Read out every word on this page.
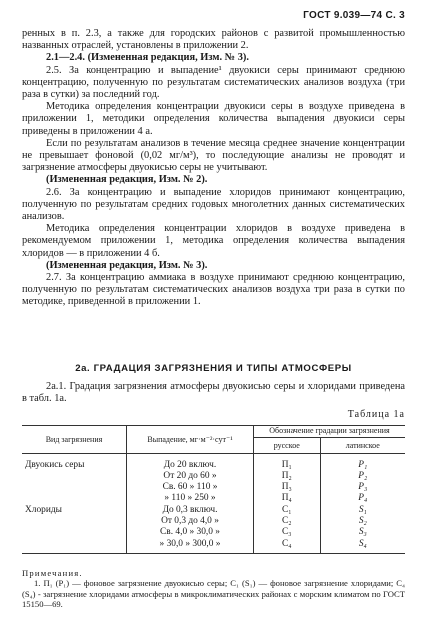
ГОСТ 9.039—74 С. 3

ренных в п. 2.3, а также для городских районов с развитой промышленностью названных отраслей, установлены в приложении 2.

2.1—2.4. (Измененная редакция, Изм. № 3).

2.5. За концентрацию и выпадение¹ двуокиси серы принимают среднюю концентрацию, полученную по результатам систематических анализов воздуха (три раза в сутки) за последний год.

Методика определения концентрации двуокиси серы в воздухе приведена в приложении 1, методики определения количества выпадения двуокиси серы приведены в приложении 4 а.

Если по результатам анализов в течение месяца среднее значение концентрации не превышает фоновой (0,02 мг/м³), то последующие анализы не проводят и загрязнение атмосферы двуокисью серы не учитывают.

(Измененная редакция, Изм. № 2).

2.6. За концентрацию и выпадение хлоридов принимают концентрацию, полученную по результатам средних годовых многолетних данных систематических анализов.

Методика определения концентрации хлоридов в воздухе приведена в рекомендуемом приложении 1, методика определения количества выпадения хлоридов — в приложении 4 б.

(Измененная редакция, Изм. № 3).

2.7. За концентрацию аммиака в воздухе принимают среднюю концентрацию, полученную по результатам систематических анализов воздуха три раза в сутки по методике, приведенной в приложении 1.

2а. ГРАДАЦИЯ ЗАГРЯЗНЕНИЯ И ТИПЫ АТМОСФЕРЫ

2а.1. Градация загрязнения атмосферы двуокисью серы и хлоридами приведена в табл. 1а.

Таблица 1а
Вид загрязнения	Выпадение, мг·м⁻²·сут⁻¹	Обозначение градации загрязнения	
		русское	латинское

Двуокись серы	До 20 включ.	П₁	P₁
	От 20 до 60 »	П₂	P₂
	Св. 60 » 110 »	П₃	P₃
	» 110 » 250 »	П₄	P₄
Хлориды	До 0,3 включ.	С₁	S₁
	От 0,3 до 4,0 »	С₂	S₂
	Св. 4,0 » 30,0 »	С₃	S₃
	» 30,0 » 300,0 »	С₄	S₄

Примечания.
1. П₁ (Р₁) — фоновое загрязнение двуокисью серы; С₁ (S₁) — фоновое загрязнение хлоридами; С₄ (S₄) - загрязнение хлоридами атмосферы в микроклиматических районах с морским климатом по ГОСТ 15150—69.
